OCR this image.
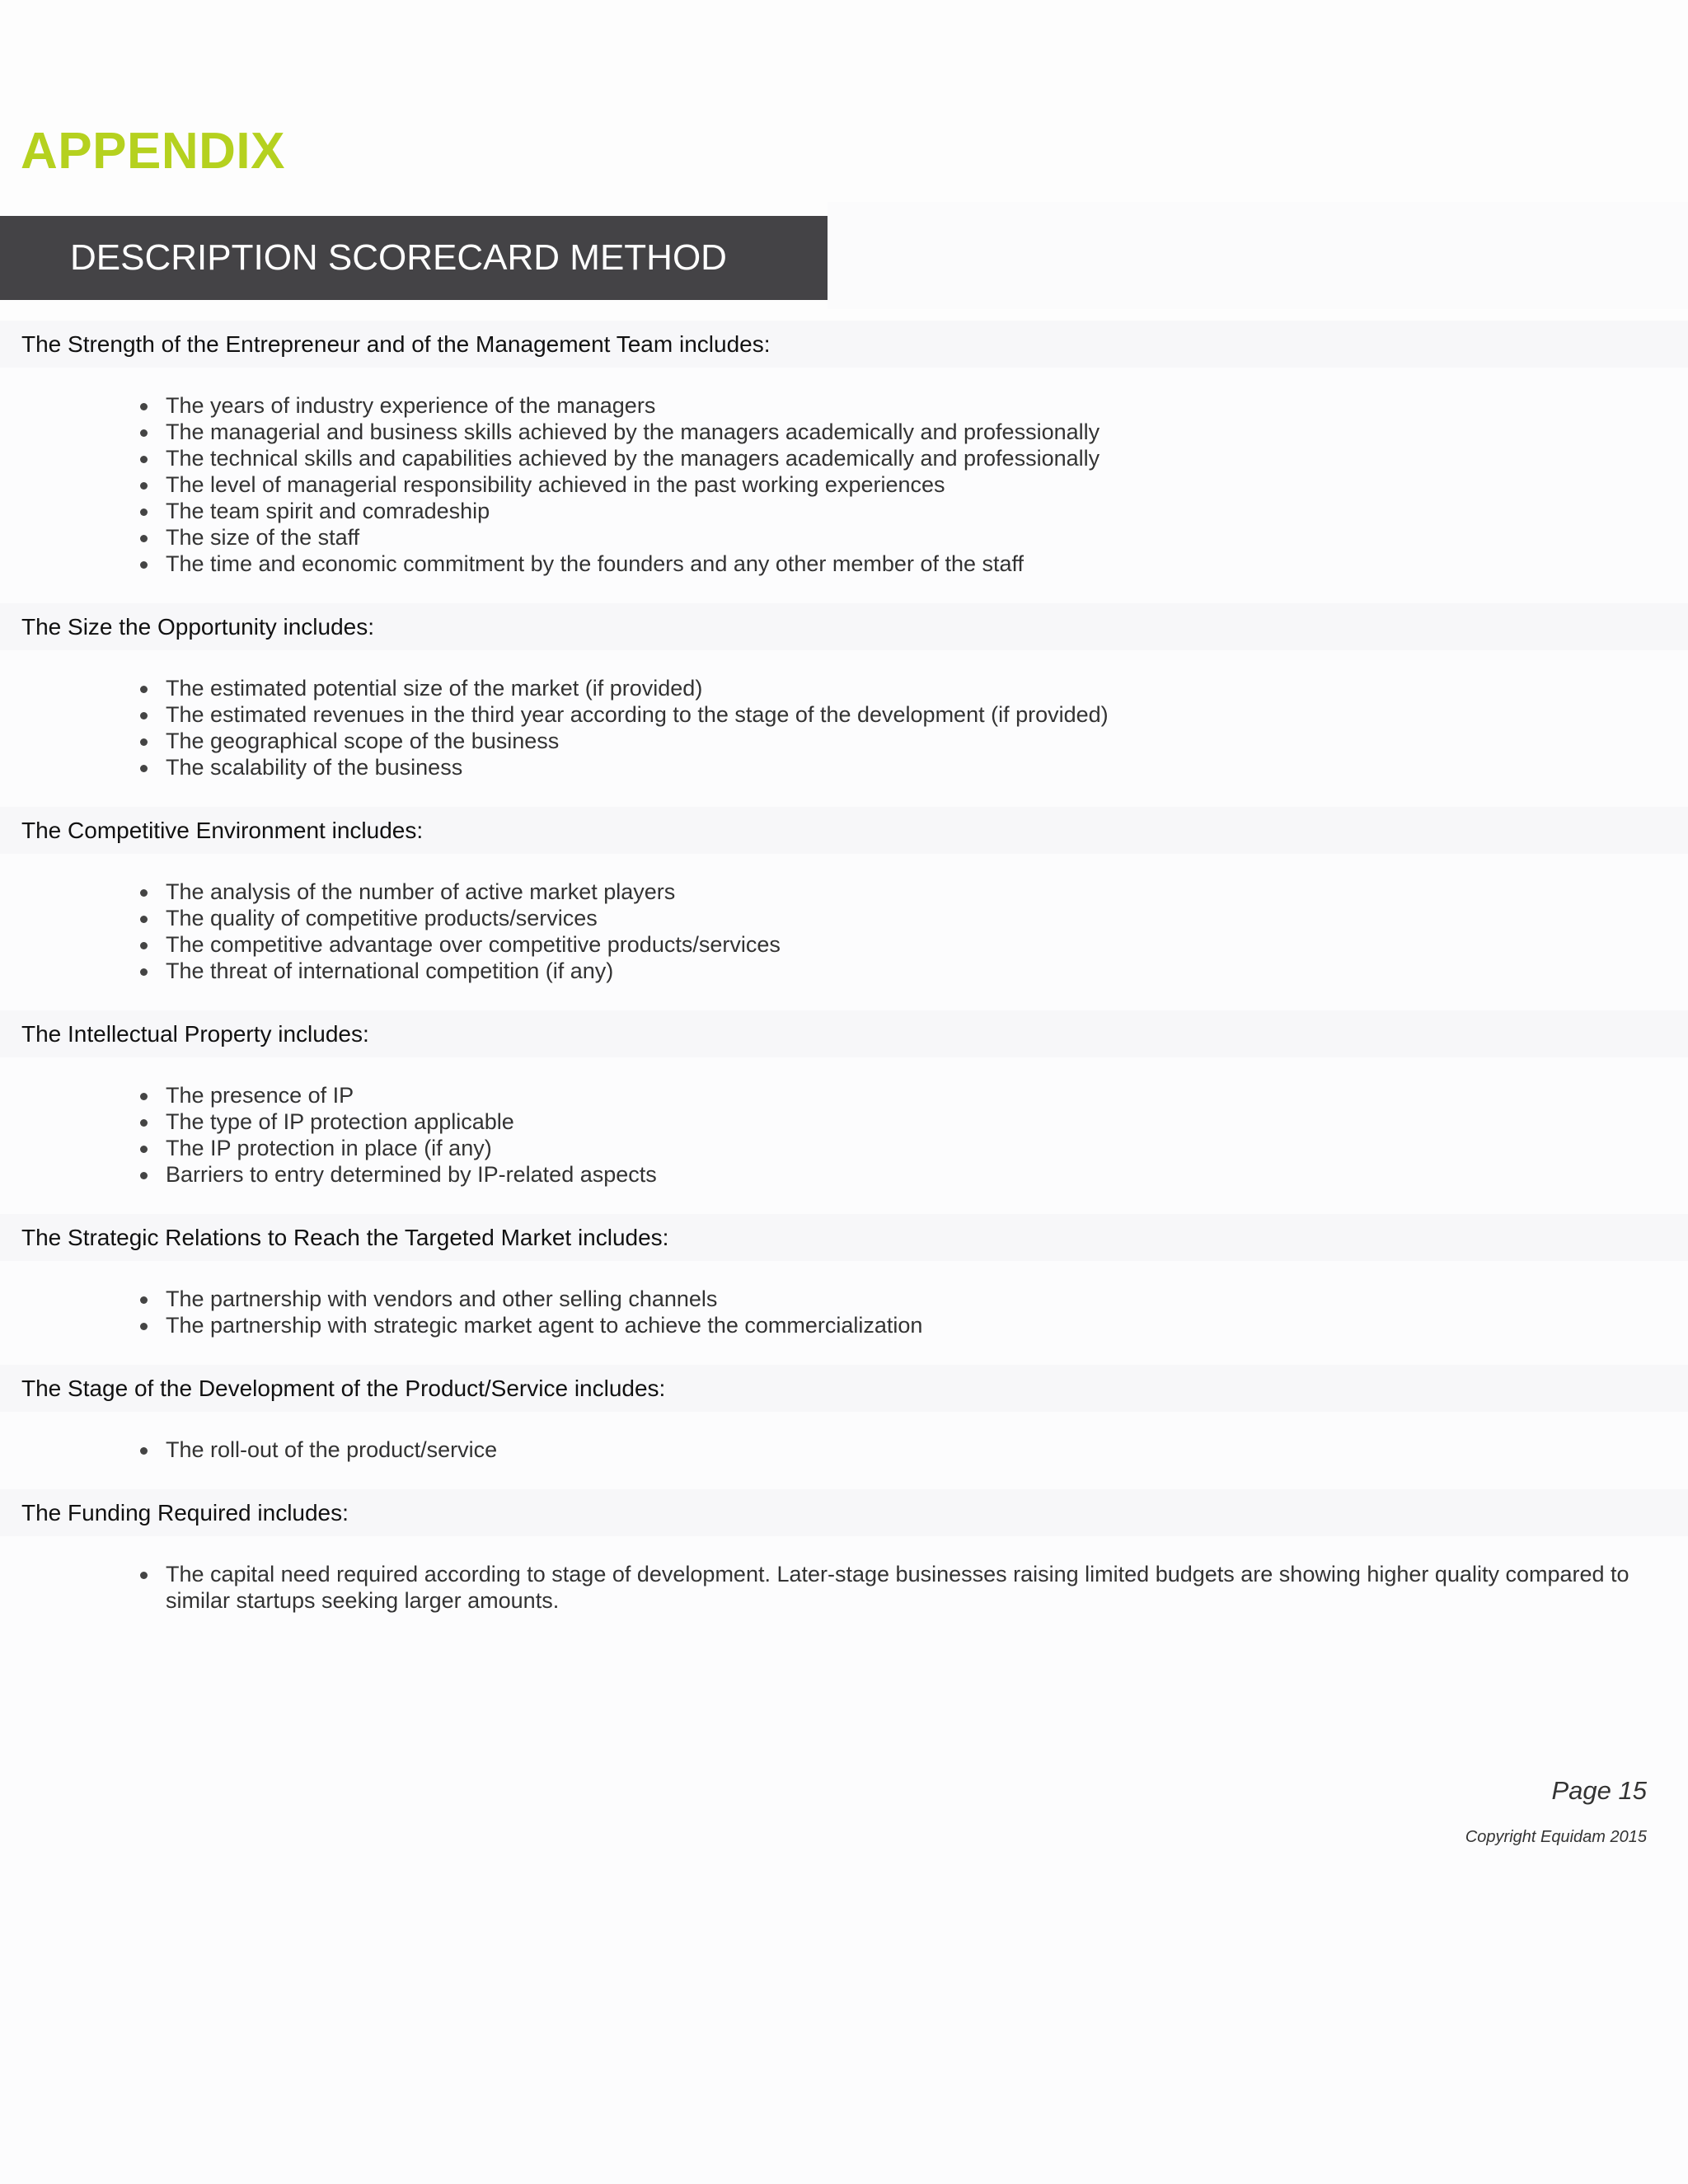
APPENDIX
DESCRIPTION SCORECARD METHOD
The Strength of the Entrepreneur and of the Management Team includes:
The years of industry experience of the managers
The managerial and business skills achieved by the managers academically and professionally
The technical skills and capabilities achieved by the managers academically and professionally
The level of managerial responsibility achieved in the past working experiences
The team spirit and comradeship
The size of the staff
The time and economic commitment by the founders and any other member of the staff
The Size the Opportunity includes:
The estimated potential size of the market (if provided)
The estimated revenues in the third year according to the stage of the development (if provided)
The geographical scope of the business
The scalability of the business
The Competitive Environment includes:
The analysis of the number of active market players
The quality of competitive products/services
The competitive advantage over competitive products/services
The threat of international competition (if any)
The Intellectual Property includes:
The presence of IP
The type of IP protection applicable
The IP protection in place (if any)
Barriers to entry determined by IP-related aspects
The Strategic Relations to Reach the Targeted Market includes:
The partnership with vendors and other selling channels
The partnership with strategic market agent to achieve the commercialization
The Stage of the Development of the Product/Service includes:
The roll-out of the product/service
The Funding Required includes:
The capital need required according to stage of development. Later-stage businesses raising limited budgets are showing higher quality compared to similar startups seeking larger amounts.
Page 15
Copyright Equidam 2015
